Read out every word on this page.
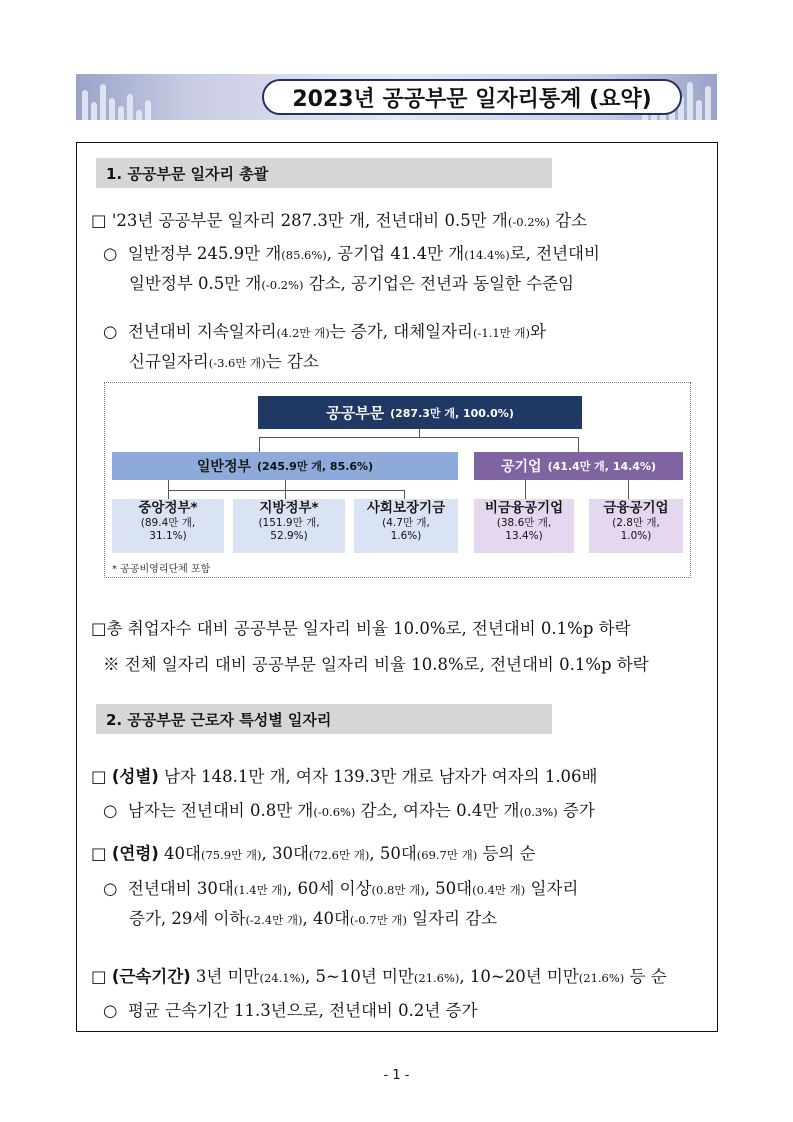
2023년 공공부문 일자리통계 (요약)
1. 공공부문 일자리 총괄
□ '23년 공공부문 일자리 287.3만 개, 전년대비 0.5만 개(-0.2%) 감소
○ 일반정부 245.9만 개(85.6%), 공기업 41.4만 개(14.4%)로, 전년대비
일반정부 0.5만 개(-0.2%) 감소, 공기업은 전년과 동일한 수준임
○ 전년대비 지속일자리(4.2만 개)는 증가, 대체일자리(-1.1만 개)와
신규일자리(-3.6만 개)는 감소
공공부문 (287.3만 개, 100.0%)
일반정부 (245.9만 개, 85.6%)	공기업 (41.4만 개, 14.4%)
중앙정부*
(89.4만 개,
31.1%)
지방정부*
(151.9만 개,
52.9%)
사회보장기금
(4.7만 개,
1.6%)
비금융공기업
(38.6만 개,
13.4%)
금융공기업
(2.8만 개,
1.0%)
* 공공비영리단체 포함
□총 취업자수 대비 공공부문 일자리 비율 10.0%로, 전년대비 0.1%p 하락
※ 전체 일자리 대비 공공부문 일자리 비율 10.8%로, 전년대비 0.1%p 하락
2. 공공부문 근로자 특성별 일자리
□ (성별) 남자 148.1만 개, 여자 139.3만 개로 남자가 여자의 1.06배
○ 남자는 전년대비 0.8만 개(-0.6%) 감소, 여자는 0.4만 개(0.3%) 증가
□ (연령) 40대(75.9만 개), 30대(72.6만 개), 50대(69.7만 개) 등의 순
○ 전년대비 30대(1.4만 개), 60세 이상(0.8만 개), 50대(0.4만 개) 일자리
증가, 29세 이하(-2.4만 개), 40대(-0.7만 개) 일자리 감소
□ (근속기간) 3년 미만(24.1%), 5~10년 미만(21.6%), 10~20년 미만(21.6%) 등 순
○ 평균 근속기간 11.3년으로, 전년대비 0.2년 증가
- 1 -
